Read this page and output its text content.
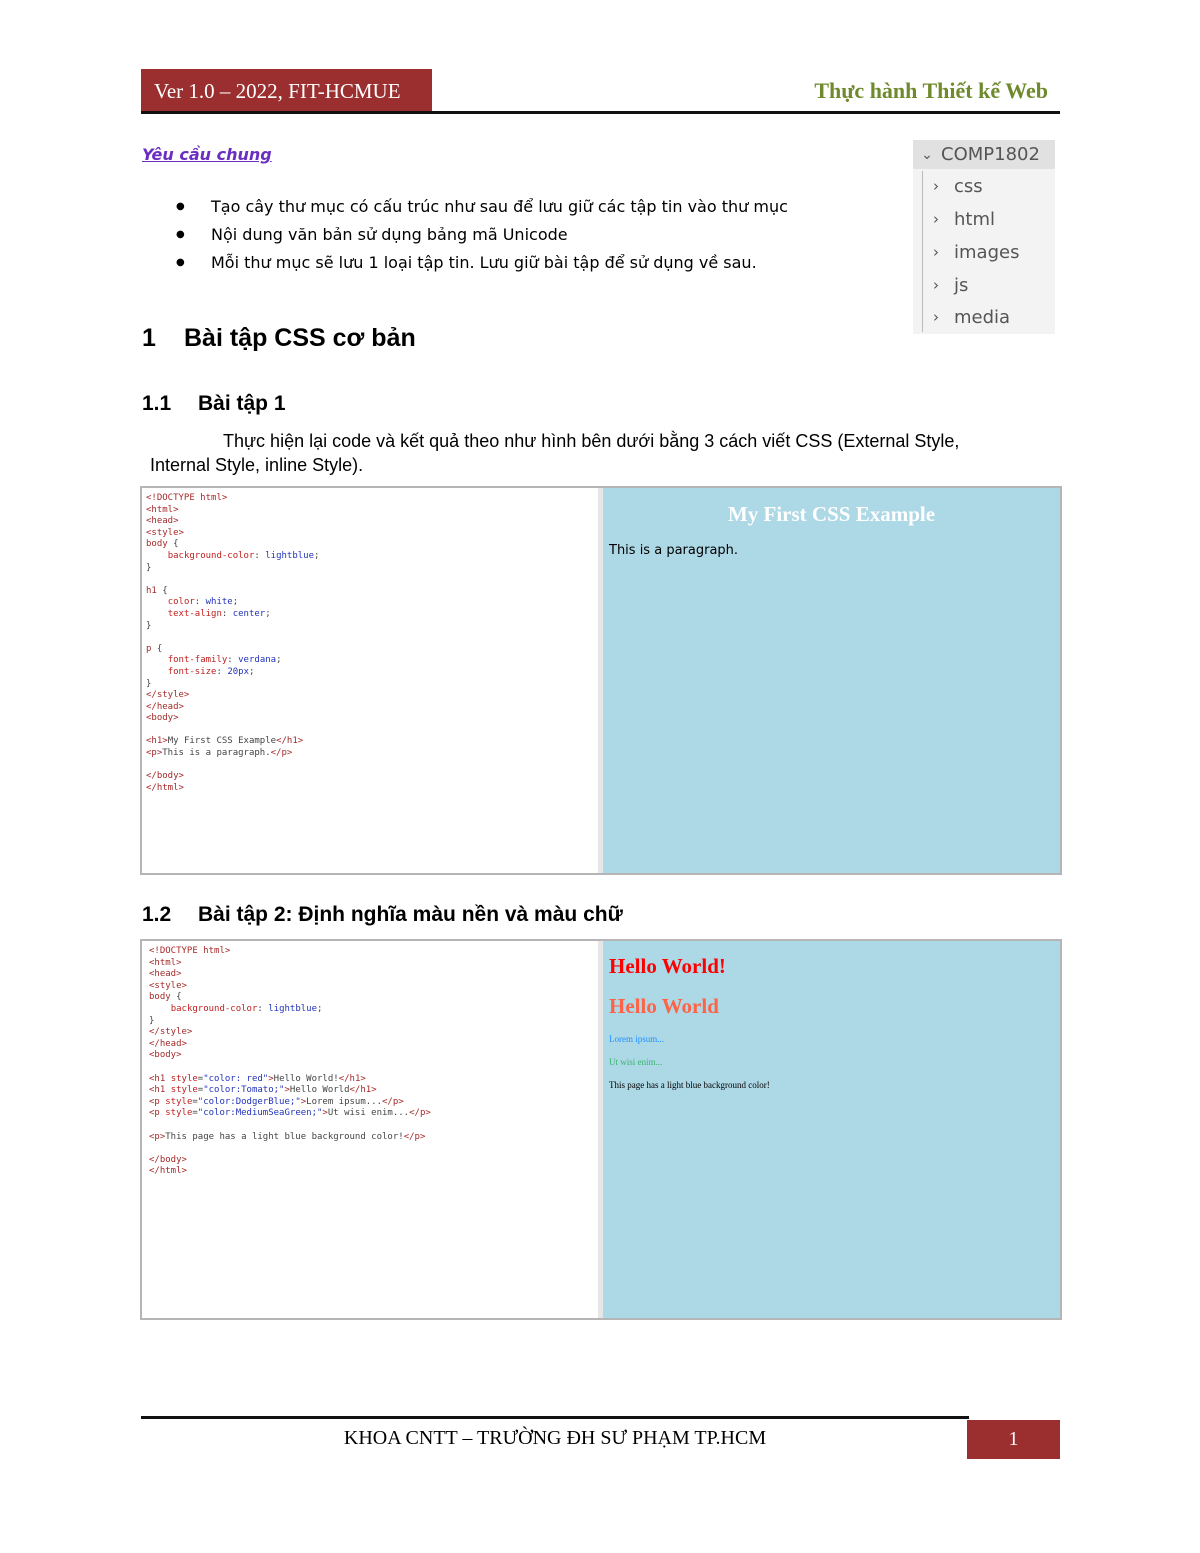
Ver 1.0 – 2022, FIT-HCMUE	Thực hành Thiết kế Web
Yêu cầu chung
● Tạo cây thư mục có cấu trúc như sau để lưu giữ các tập tin vào thư mục
● Nội dung văn bản sử dụng bảng mã Unicode
● Mỗi thư mục sẽ lưu 1 loại tập tin. Lưu giữ bài tập để sử dụng về sau.
⌄ COMP1802
› css
› html
› images
› js
› media
1 Bài tập CSS cơ bản
1.1 Bài tập 1
Thực hiện lại code và kết quả theo như hình bên dưới bằng 3 cách viết CSS (External Style, Internal Style, inline Style).
<!DOCTYPE html>
<html>
<head>
<style>
body {
background-color: lightblue;
}

h1 {
color: white;
text-align: center;
}

p {
font-family: verdana;
font-size: 20px;
}
</style>
</head>
<body>

<h1>My First CSS Example</h1>
<p>This is a paragraph.</p>

</body>
</html>
My First CSS Example
This is a paragraph.
1.2 Bài tập 2: Định nghĩa màu nền và màu chữ
<!DOCTYPE html>
<html>
<head>
<style>
body {
background-color: lightblue;
}
</style>
</head>
<body>

<h1 style="color: red">Hello World!</h1>
<h1 style="color:Tomato;">Hello World</h1>
<p style="color:DodgerBlue;">Lorem ipsum...</p>
<p style="color:MediumSeaGreen;">Ut wisi enim...</p>

<p>This page has a light blue background color!</p>

</body>
</html>
Hello World!
Hello World
Lorem ipsum...
Ut wisi enim...
This page has a light blue background color!
KHOA CNTT – TRƯỜNG ĐH SƯ PHẠM TP.HCM	1
